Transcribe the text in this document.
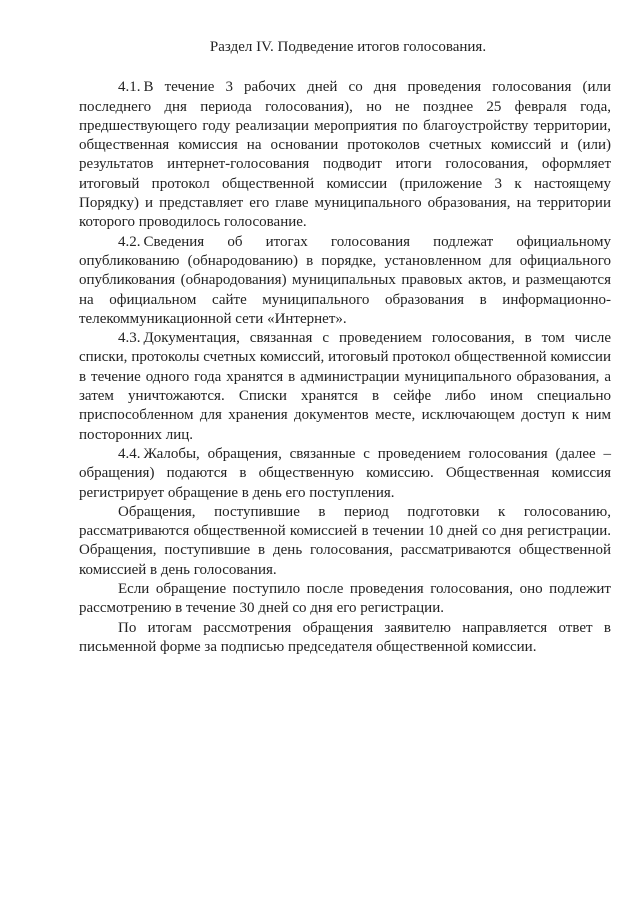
Раздел IV. Подведение итогов голосования.

4.1. В течение 3 рабочих дней со дня проведения голосования (или последнего дня периода голосования), но не позднее 25 февраля года, предшествующего году реализации мероприятия по благоустройству территории, общественная комиссия на основании протоколов счетных комиссий и (или) результатов интернет-голосования подводит итоги голосования, оформляет итоговый протокол общественной комиссии (приложение 3 к настоящему Порядку) и представляет его главе муниципального образования, на территории которого проводилось голосование.

4.2. Сведения об итогах голосования подлежат официальному опубликованию (обнародованию) в порядке, установленном для официального опубликования (обнародования) муниципальных правовых актов, и размещаются на официальном сайте муниципального образования в информационно-телекоммуникационной сети «Интернет».

4.3. Документация, связанная с проведением голосования, в том числе списки, протоколы счетных комиссий, итоговый протокол общественной комиссии в течение одного года хранятся в администрации муниципального образования, а затем уничтожаются. Списки хранятся в сейфе либо ином специально приспособленном для хранения документов месте, исключающем доступ к ним посторонних лиц.

4.4. Жалобы, обращения, связанные с проведением голосования (далее – обращения) подаются в общественную комиссию. Общественная комиссия регистрирует обращение в день его поступления.

Обращения, поступившие в период подготовки к голосованию, рассматриваются общественной комиссией в течении 10 дней со дня регистрации. Обращения, поступившие в день голосования, рассматриваются общественной комиссией в день голосования.

Если обращение поступило после проведения голосования, оно подлежит рассмотрению в течение 30 дней со дня его регистрации.

По итогам рассмотрения обращения заявителю направляется ответ в письменной форме за подписью председателя общественной комиссии.
